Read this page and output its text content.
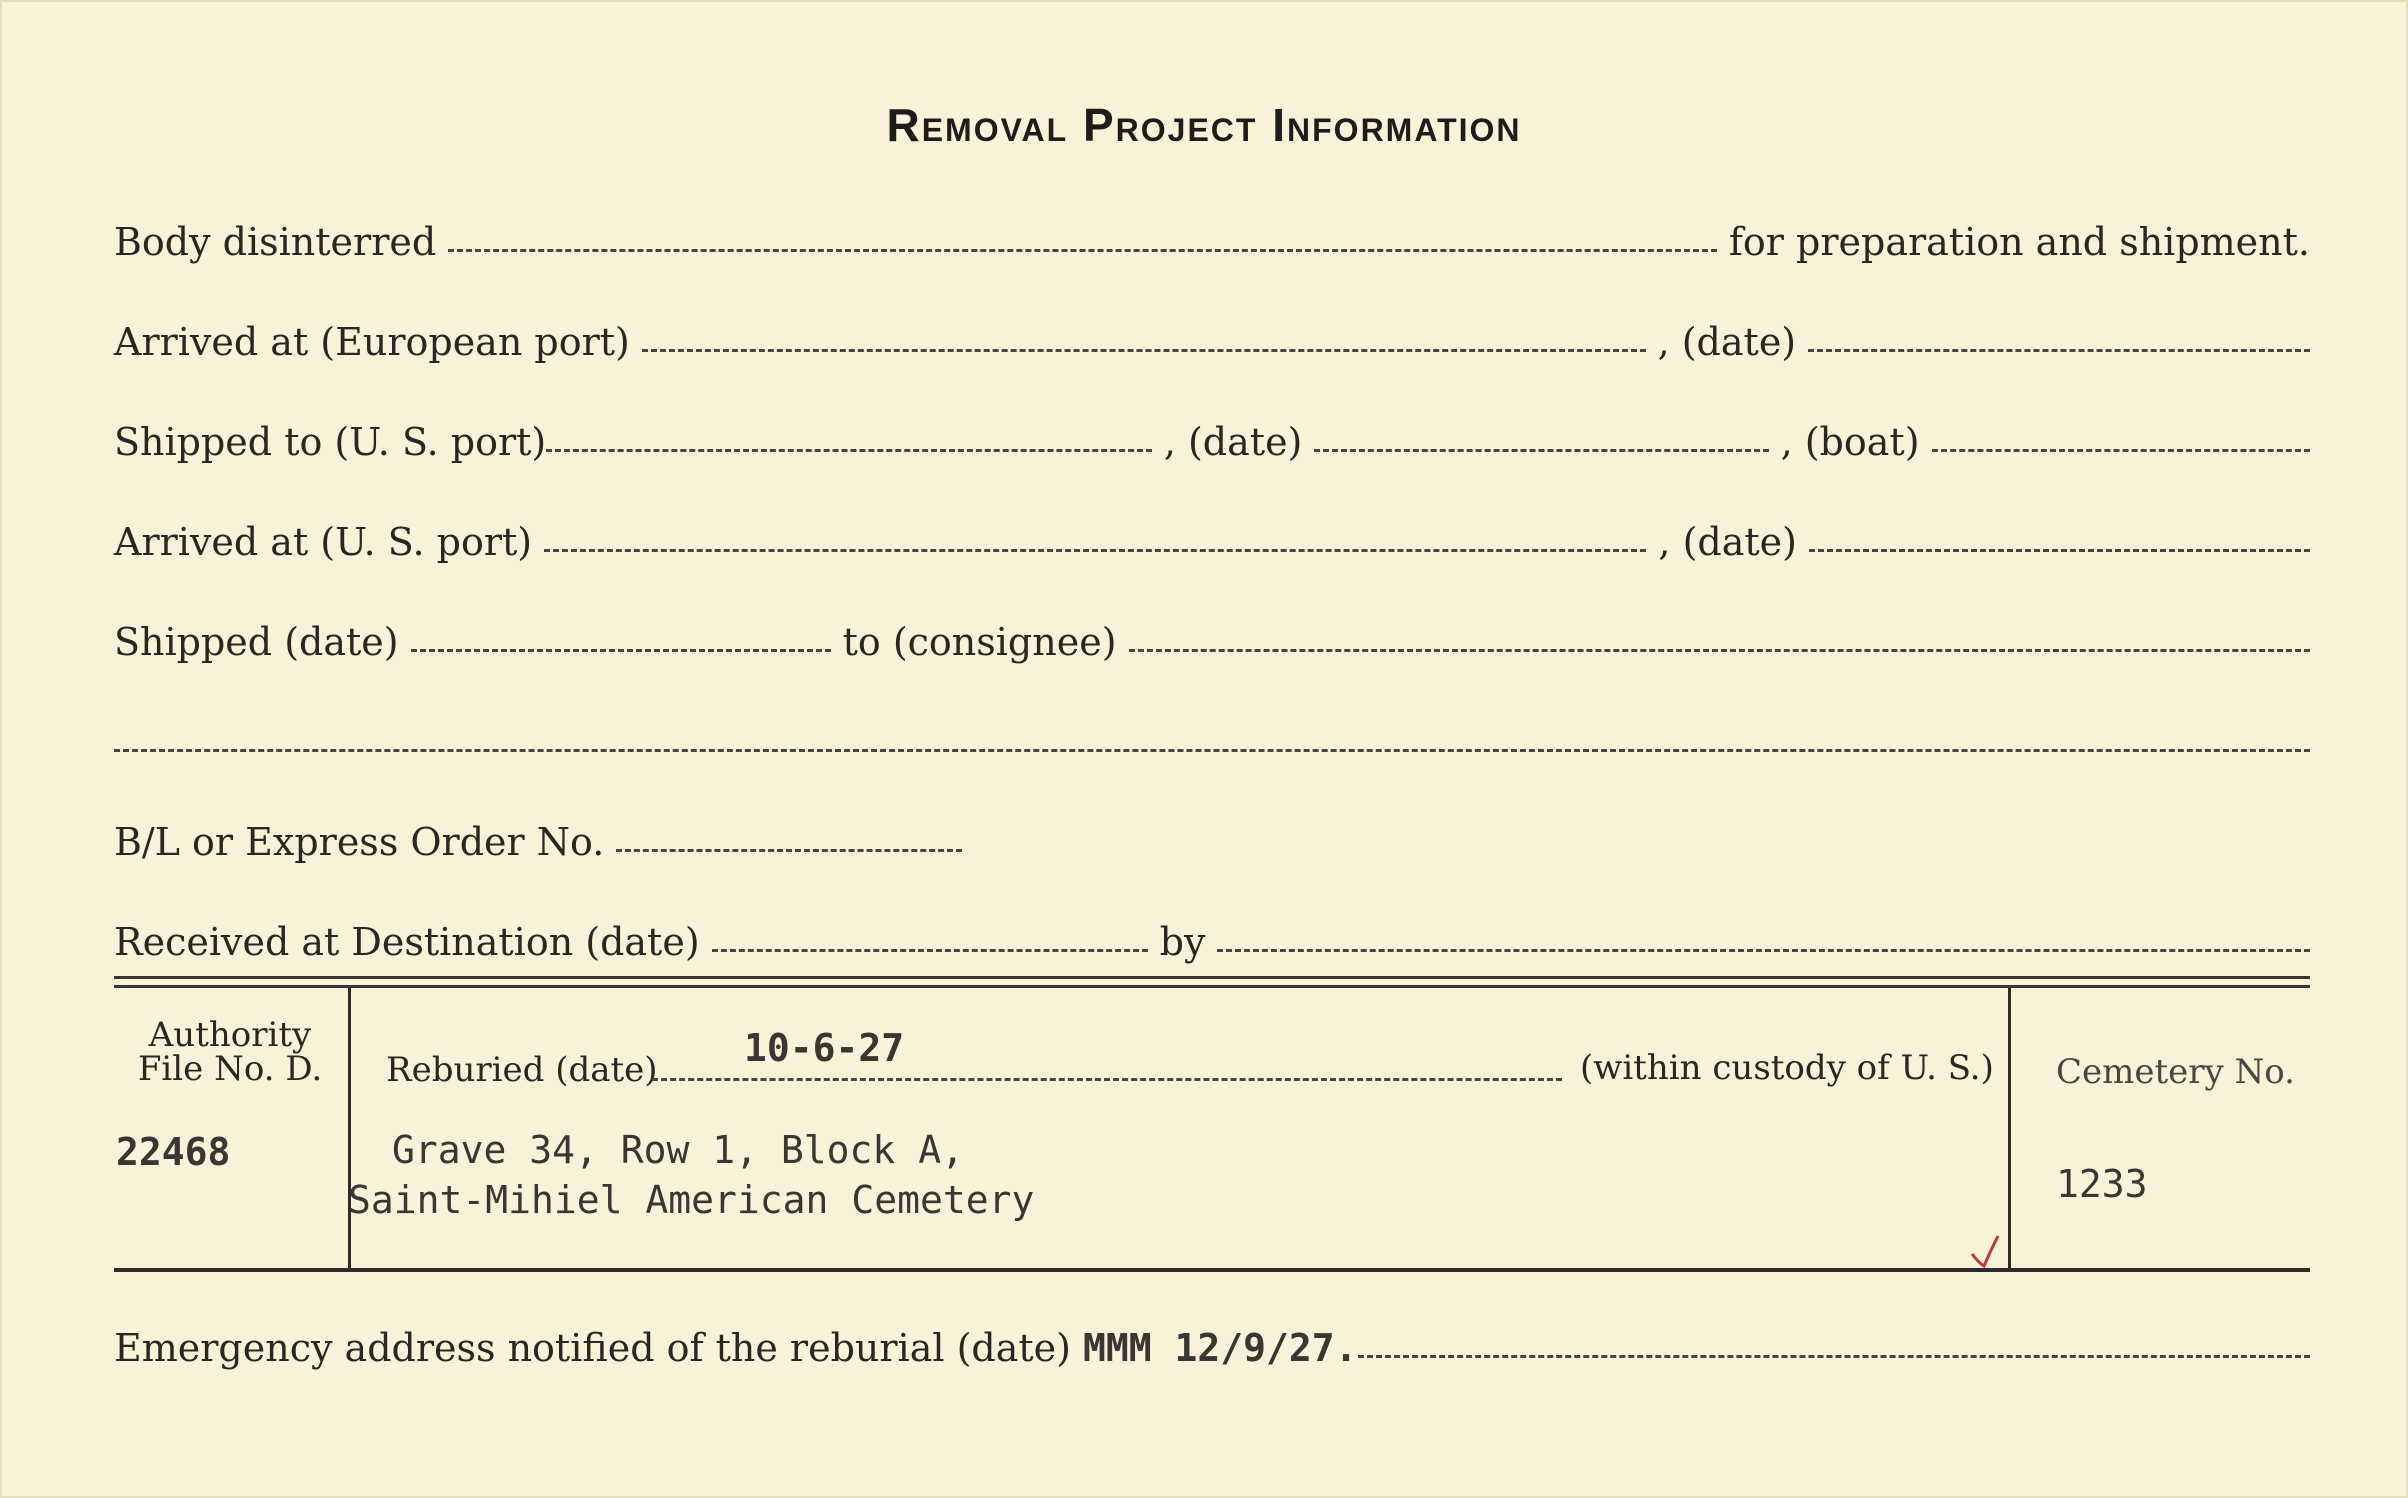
Removal Project Information
Body disinterred	for preparation and shipment.
Arrived at (European port)	, (date)
Shipped to (U. S. port)	, (date)	, (boat)
Arrived at (U. S. port)	, (date)
Shipped (date)	to (consignee)
B/L or Express Order No.
Received at Destination (date)	by
Authority
File No. D.
22468
Reburied (date) 10-6-27	(within custody of U. S.)
Grave 34, Row 1, Block A,
Saint-Mihiel American Cemetery
Cemetery No.
1233
Emergency address notified of the reburial (date) MMM 12/9/27.
